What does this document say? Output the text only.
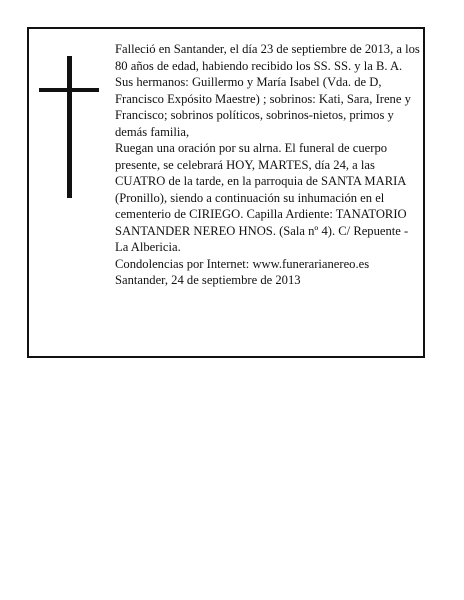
Falleció en Santander, el día 23 de septiembre de 2013, a los 80 años de edad, habiendo recibido los SS. SS. y la B. A.

Sus hermanos: Guillermo y María Isabel (Vda. de D, Francisco Expósito Maestre) ; sobrinos: Kati, Sara, Irene y Francisco; sobrinos políticos, sobrinos-nietos, primos y demás familia,

Ruegan una oración por su alrna. El funeral de cuerpo presente, se celebrará HOY, MARTES, día 24, a las CUATRO de la tarde, en la parroquia de SANTA MARIA (Pronillo), siendo a continuación su inhumación en el cementerio de CIRIEGO. Capilla Ardiente: TANATORIO SANTANDER NEREO HNOS. (Sala nº 4). C/ Repuente - La Albericia.

Condolencias por Internet: www.funerarianereo.es

Santander, 24 de septiembre de 2013
